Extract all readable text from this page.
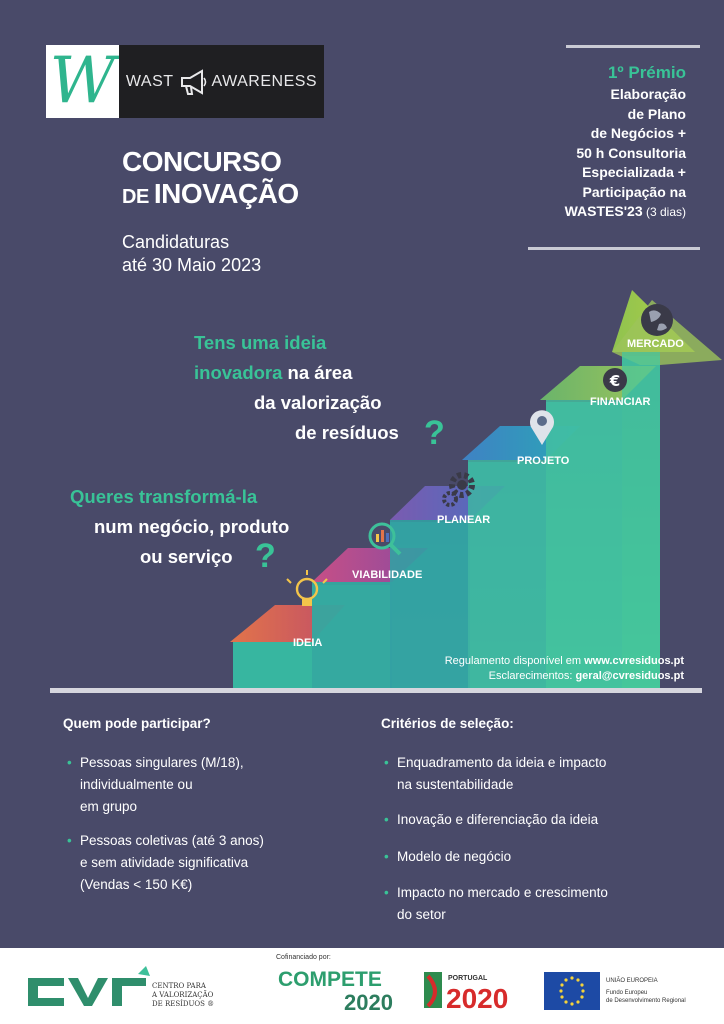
W WAST AWARENESS
CONCURSO
DE INOVAÇÃO
Candidaturas
até 30 Maio 2023
1º Prémio
Elaboração
de Plano
de Negócios +
50 h Consultoria
Especializada +
Participação na
WASTES'23 (3 dias)
€
IDEIA
VIABILIDADE
PLANEAR
PROJETO
FINANCIAR
MERCADO
Tens uma ideia
inovadora na área
da valorização
de resíduos ?
Queres transformá-la
num negócio, produto
ou serviço ?
Regulamento disponível em www.cvresiduos.pt
Esclarecimentos: geral@cvresiduos.pt
Quem pode participar?
• Pessoas singulares (M/18),
individualmente ou
em grupo
• Pessoas coletivas (até 3 anos)
e sem atividade significativa
(Vendas < 150 K€)
Critérios de seleção:
• Enquadramento da ideia e impacto
na sustentabilidade
• Inovação e diferenciação da ideia
• Modelo de negócio
• Impacto no mercado e crescimento
do setor
CENTRO PARA
A VALORIZAÇÃO
DE RESÍDUOS ®
Cofinanciado por:
COMPETE
2020
PORTUGAL
2020
UNIÃO EUROPEIA
Fundo Europeu
de Desenvolvimento Regional
